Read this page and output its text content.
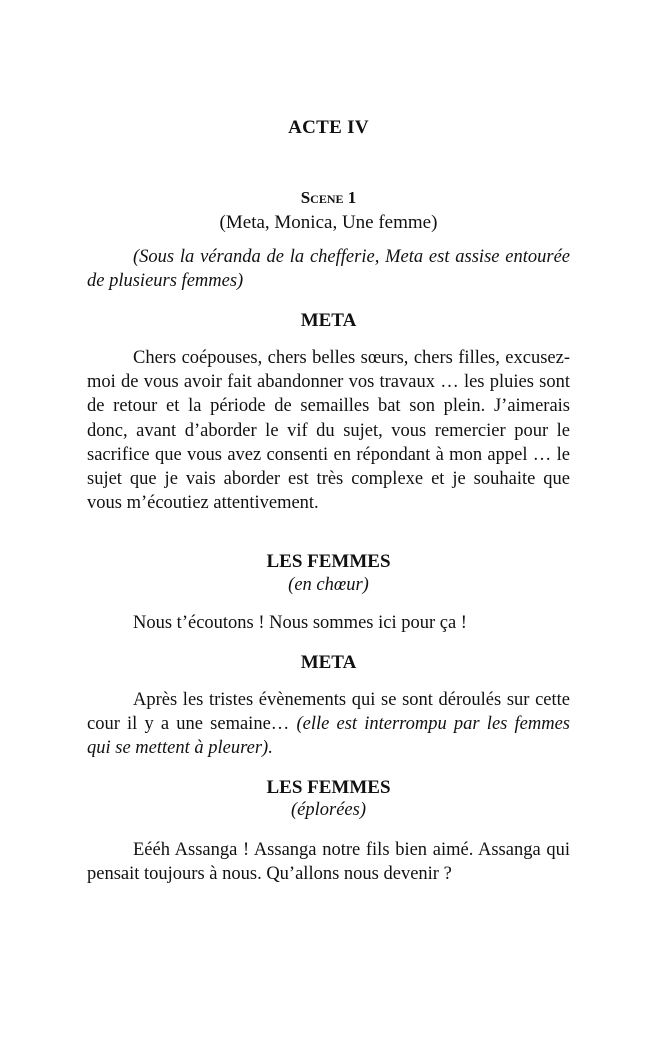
ACTE IV
Scene 1
(Meta, Monica, Une femme)
(Sous la véranda de la chefferie, Meta est assise entourée de plusieurs femmes)
META
Chers coépouses, chers belles sœurs, chers filles, excusez-moi de vous avoir fait abandonner vos travaux … les pluies sont de retour et la période de semailles bat son plein. J’aimerais donc, avant d’aborder le vif du sujet, vous remercier pour le sacrifice que vous avez consenti en répondant à mon appel … le sujet que je vais aborder est très complexe et je souhaite que vous m’écoutiez attentivement.
LES FEMMES
(en chœur)
Nous t’écoutons ! Nous sommes ici pour ça !
META
Après les tristes évènements qui se sont déroulés sur cette cour il y a une semaine… (elle est interrompu par les femmes qui se mettent à pleurer).
LES FEMMES
(éplorées)
Eééh Assanga ! Assanga notre fils bien aimé. Assanga qui pensait toujours à nous. Qu’allons nous devenir ?
